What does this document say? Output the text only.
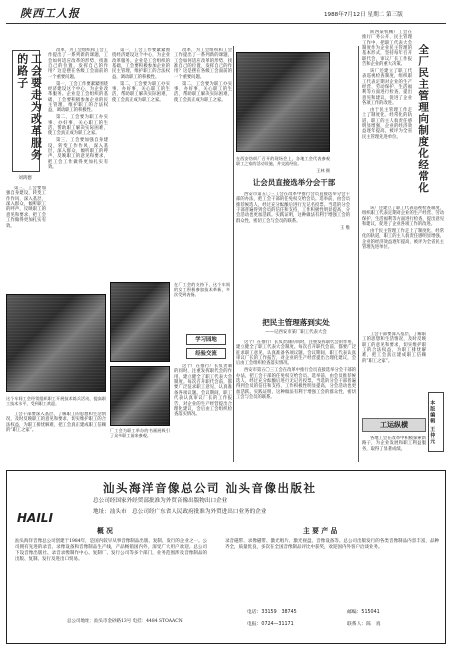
陕西工人报	1988年7月12日 星期二 第三版
工会要走为改革服务的路子
刘鸿德

改革，为工会组织和工会工作提出了一系列新的课题，工会如何适应改革的形势，找准自己的位置，发挥自己的作用？这是摆在各级工会面前的一个重要问题。

第一，工会工作要紧紧围绕经济建设这个中心，为企业改革服务。企业是工会组织的基础，工会要积极参加企业的民主管理，维护职工的合法权益，调动职工的积极性。

第二，工会要为职工办实事、办好事，关心职工的生活，帮助职工解决实际困难，使工会真正成为职工之家。

第三，工会要加强自身建设，转变工作作风，深入基层，深入群众，倾听职工的呼声，反映职工的意见和要求，把工会工作做得更加扎实有效。

第三，工会要加强自身建设，转变工作作风，深入基层，深入群众，倾听职工的呼声，反映职工的意见和要求，把工会工作做得更加扎实有效。

第一，工会工作要紧紧围绕经济建设这个中心，为企业改革服务。企业是工会组织的基础，工会要积极参加企业的民主管理，维护职工的合法权益，调动职工的积极性。

第二，工会要为职工办实事、办好事，关心职工的生活，帮助职工解决实际困难，使工会真正成为职工之家。

改革，为工会组织和工会工作提出了一系列新的课题，工会如何适应改革的形势，找准自己的位置，发挥自己的作用？这是摆在各级工会面前的一个重要问题。

第二，工会要为职工办实事、办好事，关心职工的生活，帮助职工解决实际困难，使工会真正成为职工之家。

学习园地
在西安纺织厂召开的现场会上，各地工会代表参观职工之家的活动设施，并交流经验。
王林 摄
让会员直接选举分会干部

西安市第五〇三工会在改革中推行会员直接选举分会干部的办法，把工会干部的任免权交给会员。选举前，由会员推荐候选人，经过充分酝酿后进行无记名投票。当选的分会干部普遍得到会员的信任和支持，工作积极性明显提高，分会活动也更加活跃。实践证明，这种做法有利于增强工会的群众性，密切工会与会员的联系。

王 维

把民主管理落到实处
——记西安市某厂职工代表大会

这个厂在推行厂长负责制的同时，注重发挥职代会的作用，建立健全了职工代表大会制度。每次召开职代会前，都要广泛征求职工意见，认真准备各项议题。会议期间，职工代表认真审议厂长的工作报告，对企业的生产经营提出合理化建议，会后由工会组织检查落实情况。

西安市第五〇三工会在改革中推行会员直接选举分会干部的办法，把工会干部的任免权交给会员。选举前，由会员推荐候选人，经过充分酝酿后进行无记名投票。当选的分会干部普遍得到会员的信任和支持，工作积极性明显提高，分会活动也更加活跃。实践证明，这种做法有利于增强工会的群众性，密切工会与会员的联系。

这个车间工会经常组织职工开展技术练兵活动，提高职工技术水平，受到职工欢迎。
在厂工会的支持下，这个车间的女工积极参加技术革新，多次受到表扬。
全厂民主管理向制度化经常化

陕西某机械厂工会在推行厂务公开、民主管理工作中，把职工代表大会制度作为企业民主管理的基本形式，坚持每年召开职代会，审议厂长工作报告和企业的重大决策。

该厂还建立了职工代表巡视检查制度，组织职工代表定期对企业的生产经营、劳动保护、生活福利等方面进行检查，提出意见和建议，促进了企业各项工作的改进。

由于民主管理工作走上了制度化、经常化的轨道，职工的主人翁责任感明显增强，企业的经济效益逐年提高，被评为全省民主管理先进单位。

该厂还建立了职工代表巡视检查制度，组织职工代表定期对企业的生产经营、劳动保护、生活福利等方面进行检查，提出意见和建议，促进了企业各项工作的改进。

由于民主管理工作走上了制度化、经常化的轨道，职工的主人翁责任感明显增强，企业的经济效益逐年提高，被评为全省民主管理先进单位。

工会干部要深入基层，了解职工的思想和生活情况，及时反映职工的意见和要求，切实维护职工的合法权益，为职工排忧解难，把工会真正建成职工信赖的“职工之家”。

本版编辑 王仲元
工运纵横

各地工会在改革中积极探索新路子，为企业发展和职工利益服务，取得了显著成绩。

厂工会为职工举办的书画展吸引了众多职工前来参观。
经验交流

这个厂在推行厂长负责制的同时，注重发挥职代会的作用，建立健全了职工代表大会制度。每次召开职代会前，都要广泛征求职工意见，认真准备各项议题。会议期间，职工代表认真审议厂长的工作报告，对企业的生产经营提出合理化建议，会后由工会组织检查落实情况。

工会干部要深入基层，了解职工的思想和生活情况，及时反映职工的意见和要求，切实维护职工的合法权益，为职工排忧解难，把工会真正建成职工信赖的“职工之家”。

汕头海洋音像总公司 汕头音像出版社
总公司经国家外经贸部批准为外贸音像出版物出口企业
HAILI	地址：汕头市　总公司经广东省人民政府批准为外贸进出口业务的企业
概 况
汕头海洋音像总公司创建于1984年，是国内较早从事音像制品出版、复制、发行的企业之一。公司拥有先进的录音、录像设备和音像制品生产线，产品畅销国内外，深受广大用户欢迎。总公司下设音像出版社、录音录像制作中心、复制厂、发行公司等多个部门，业务范围涉及音像制品的出版、复制、发行及进出口贸易。
总公司地址：汕头市金砂路13号 电挂：4484 STOAACN
主 要 产 品
录音磁带、录像磁带、激光唱片、激光视盘、音像设备等。总公司出版发行的各类音像制品内容丰富，品种齐全，质量优良，多次在全国音像制品评比中获奖，欢迎国内外客户洽谈业务。
电话：33159　38745
电报：0724—31171
邮编：515041
联系人：陈　真
